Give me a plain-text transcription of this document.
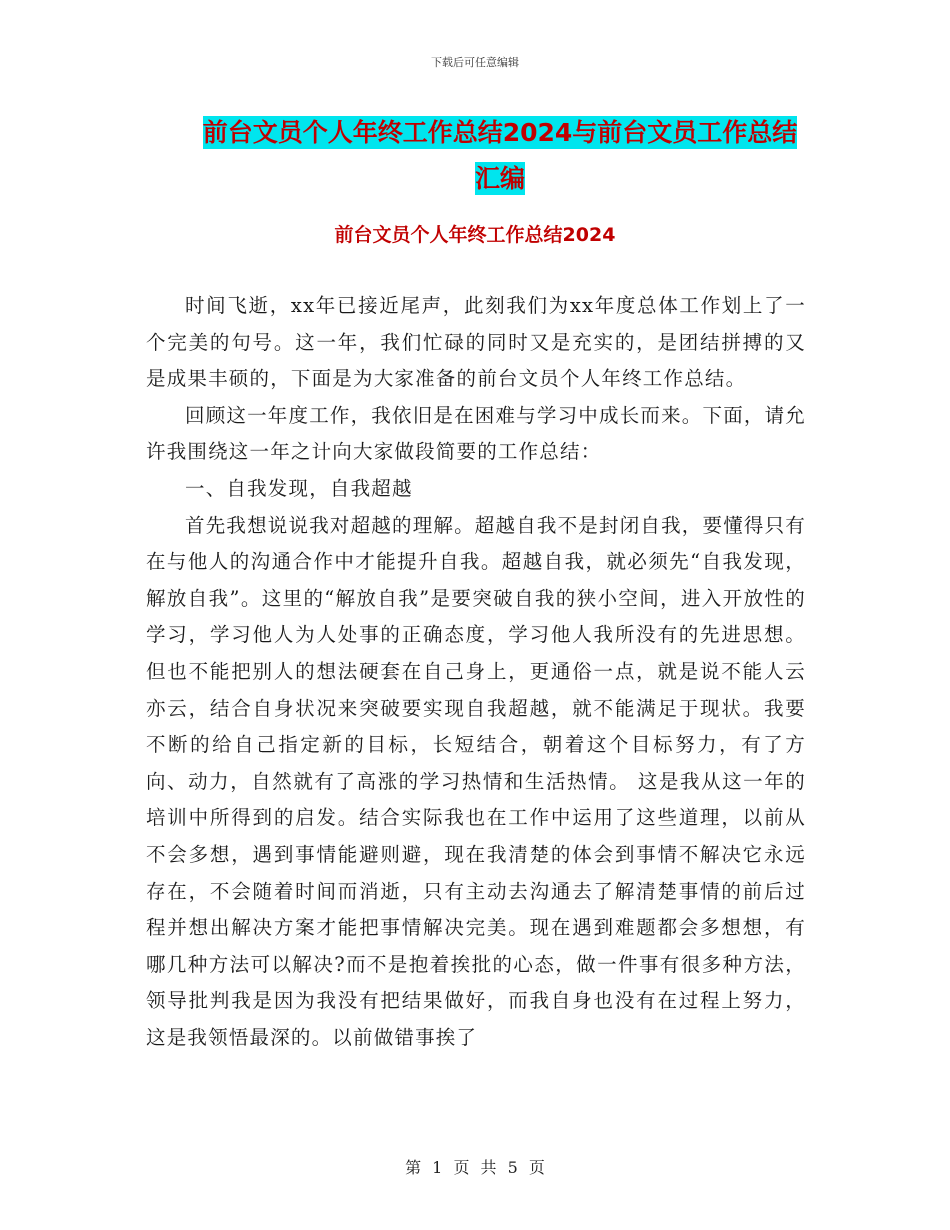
下载后可任意编辑
前台文员个人年终工作总结2024与前台文员工作总结
汇编
前台文员个人年终工作总结2024

时间飞逝，xx年已接近尾声，此刻我们为xx年度总体工作划上了一个完美的句号。这一年，我们忙碌的同时又是充实的，是团结拼搏的又是成果丰硕的，下面是为大家准备的前台文员个人年终工作总结。

回顾这一年度工作，我依旧是在困难与学习中成长而来。下面，请允许我围绕这一年之计向大家做段简要的工作总结：

一、自我发现，自我超越

首先我想说说我对超越的理解。超越自我不是封闭自我，要懂得只有在与他人的沟通合作中才能提升自我。超越自我，就必须先“自我发现，解放自我”。这里的“解放自我”是要突破自我的狭小空间，进入开放性的学习，学习他人为人处事的正确态度，学习他人我所没有的先进思想。但也不能把别人的想法硬套在自己身上，更通俗一点，就是说不能人云亦云，结合自身状况来突破要实现自我超越，就不能满足于现状。我要不断的给自己指定新的目标，长短结合，朝着这个目标努力，有了方向、动力，自然就有了高涨的学习热情和生活热情。 这是我从这一年的培训中所得到的启发。结合实际我也在工作中运用了这些道理，以前从不会多想，遇到事情能避则避，现在我清楚的体会到事情不解决它永远存在，不会随着时间而消逝，只有主动去沟通去了解清楚事情的前后过程并想出解决方案才能把事情解决完美。现在遇到难题都会多想想，有哪几种方法可以解决?而不是抱着挨批的心态，做一件事有很多种方法，领导批判我是因为我没有把结果做好，而我自身也没有在过程上努力，这是我领悟最深的。以前做错事挨了

第 1 页 共 5 页
